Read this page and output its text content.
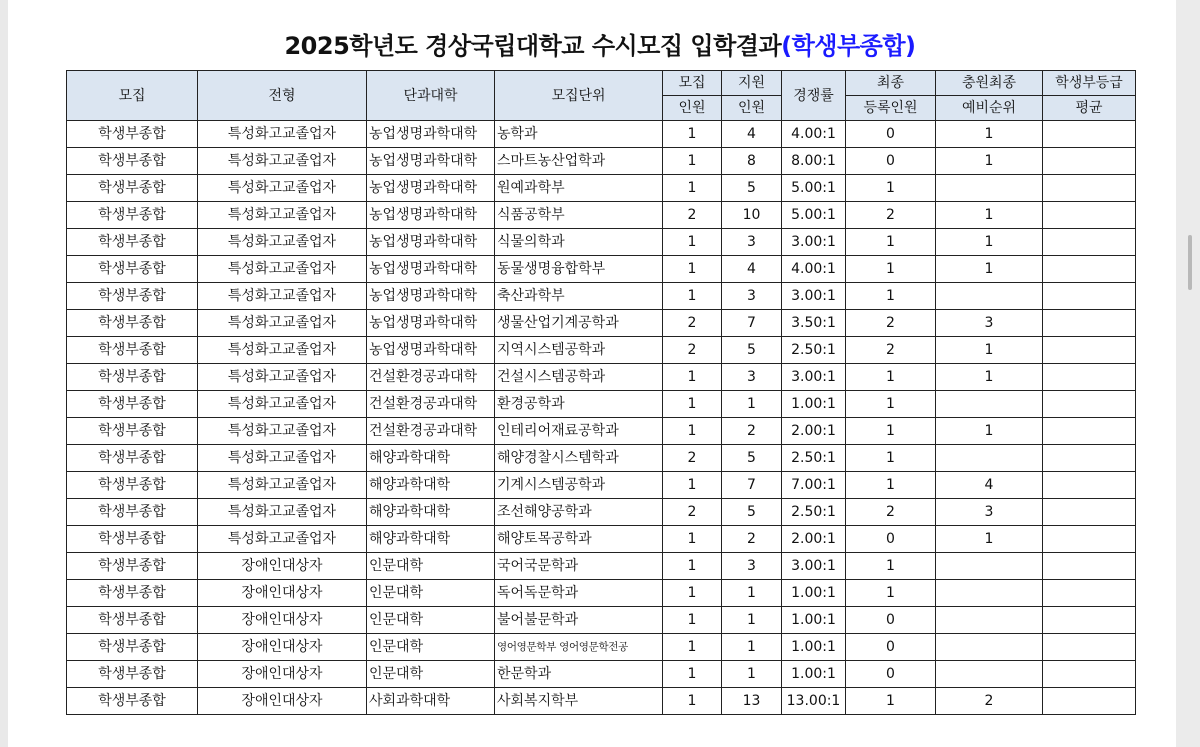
2025학년도 경상국립대학교 수시모집 입학결과(학생부종합)
모집	전형	단과대학	모집단위	모집	지원	경쟁률	최종	충원최종	학생부등급
				인원	인원		등록인원	예비순위	평균
학생부종합	특성화고교졸업자	농업생명과학대학	농학과	1	4	4.00:1	0	1	
학생부종합	특성화고교졸업자	농업생명과학대학	스마트농산업학과	1	8	8.00:1	0	1	
학생부종합	특성화고교졸업자	농업생명과학대학	원예과학부	1	5	5.00:1	1		
학생부종합	특성화고교졸업자	농업생명과학대학	식품공학부	2	10	5.00:1	2	1	
학생부종합	특성화고교졸업자	농업생명과학대학	식물의학과	1	3	3.00:1	1	1	
학생부종합	특성화고교졸업자	농업생명과학대학	동물생명융합학부	1	4	4.00:1	1	1	
학생부종합	특성화고교졸업자	농업생명과학대학	축산과학부	1	3	3.00:1	1		
학생부종합	특성화고교졸업자	농업생명과학대학	생물산업기계공학과	2	7	3.50:1	2	3	
학생부종합	특성화고교졸업자	농업생명과학대학	지역시스템공학과	2	5	2.50:1	2	1	
학생부종합	특성화고교졸업자	건설환경공과대학	건설시스템공학과	1	3	3.00:1	1	1	
학생부종합	특성화고교졸업자	건설환경공과대학	환경공학과	1	1	1.00:1	1		
학생부종합	특성화고교졸업자	건설환경공과대학	인테리어재료공학과	1	2	2.00:1	1	1	
학생부종합	특성화고교졸업자	해양과학대학	해양경찰시스템학과	2	5	2.50:1	1		
학생부종합	특성화고교졸업자	해양과학대학	기계시스템공학과	1	7	7.00:1	1	4	
학생부종합	특성화고교졸업자	해양과학대학	조선해양공학과	2	5	2.50:1	2	3	
학생부종합	특성화고교졸업자	해양과학대학	해양토목공학과	1	2	2.00:1	0	1	
학생부종합	장애인대상자	인문대학	국어국문학과	1	3	3.00:1	1		
학생부종합	장애인대상자	인문대학	독어독문학과	1	1	1.00:1	1		
학생부종합	장애인대상자	인문대학	불어불문학과	1	1	1.00:1	0		
학생부종합	장애인대상자	인문대학	영어영문학부 영어영문학전공	1	1	1.00:1	0		
학생부종합	장애인대상자	인문대학	한문학과	1	1	1.00:1	0		
학생부종합	장애인대상자	사회과학대학	사회복지학부	1	13	13.00:1	1	2	
